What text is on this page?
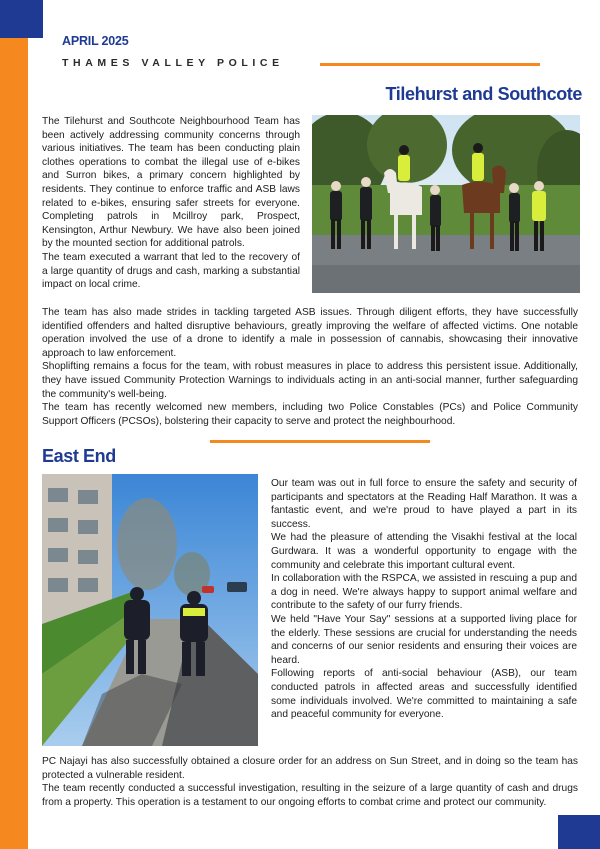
APRIL 2025
THAMES VALLEY POLICE
Tilehurst and Southcote

The Tilehurst and Southcote Neighbourhood Team has been actively addressing community concerns through various initiatives. The team has been conducting plain clothes operations to combat the illegal use of e-bikes and Surron bikes, a primary concern highlighted by residents. They continue to enforce traffic and ASB laws related to e-bikes, ensuring safer streets for everyone. Completing patrols in Mcillroy park, Prospect, Kensington, Arthur Newbury. We have also been joined by the mounted section for additional patrols.

The team executed a warrant that led to the recovery of a large quantity of drugs and cash, marking a substantial impact on local crime.

The team has also made strides in tackling targeted ASB issues. Through diligent efforts, they have successfully identified offenders and halted disruptive behaviours, greatly improving the welfare of affected victims. One notable operation involved the use of a drone to identify a male in possession of cannabis, showcasing their innovative approach to law enforcement.

Shoplifting remains a focus for the team, with robust measures in place to address this persistent issue. Additionally, they have issued Community Protection Warnings to individuals acting in an anti-social manner, further safeguarding the community's well-being.

The team has recently welcomed new members, including two Police Constables (PCs) and Police Community Support Officers (PCSOs), bolstering their capacity to serve and protect the neighbourhood.

East End

Our team was out in full force to ensure the safety and security of participants and spectators at the Reading Half Marathon. It was a fantastic event, and we're proud to have played a part in its success.

We had the pleasure of attending the Visakhi festival at the local Gurdwara. It was a wonderful opportunity to engage with the community and celebrate this important cultural event.

In collaboration with the RSPCA, we assisted in rescuing a pup and a dog in need. We're always happy to support animal welfare and contribute to the safety of our furry friends.

We held "Have Your Say" sessions at a supported living place for the elderly. These sessions are crucial for understanding the needs and concerns of our senior residents and ensuring their voices are heard.

Following reports of anti-social behaviour (ASB), our team conducted patrols in affected areas and successfully identified some individuals involved. We're committed to maintaining a safe and peaceful community for everyone.

PC Najayi has also successfully obtained a closure order for an address on Sun Street, and in doing so the team has protected a vulnerable resident.

The team recently conducted a successful investigation, resulting in the seizure of a large quantity of cash and drugs from a property. This operation is a testament to our ongoing efforts to combat crime and protect our community.
